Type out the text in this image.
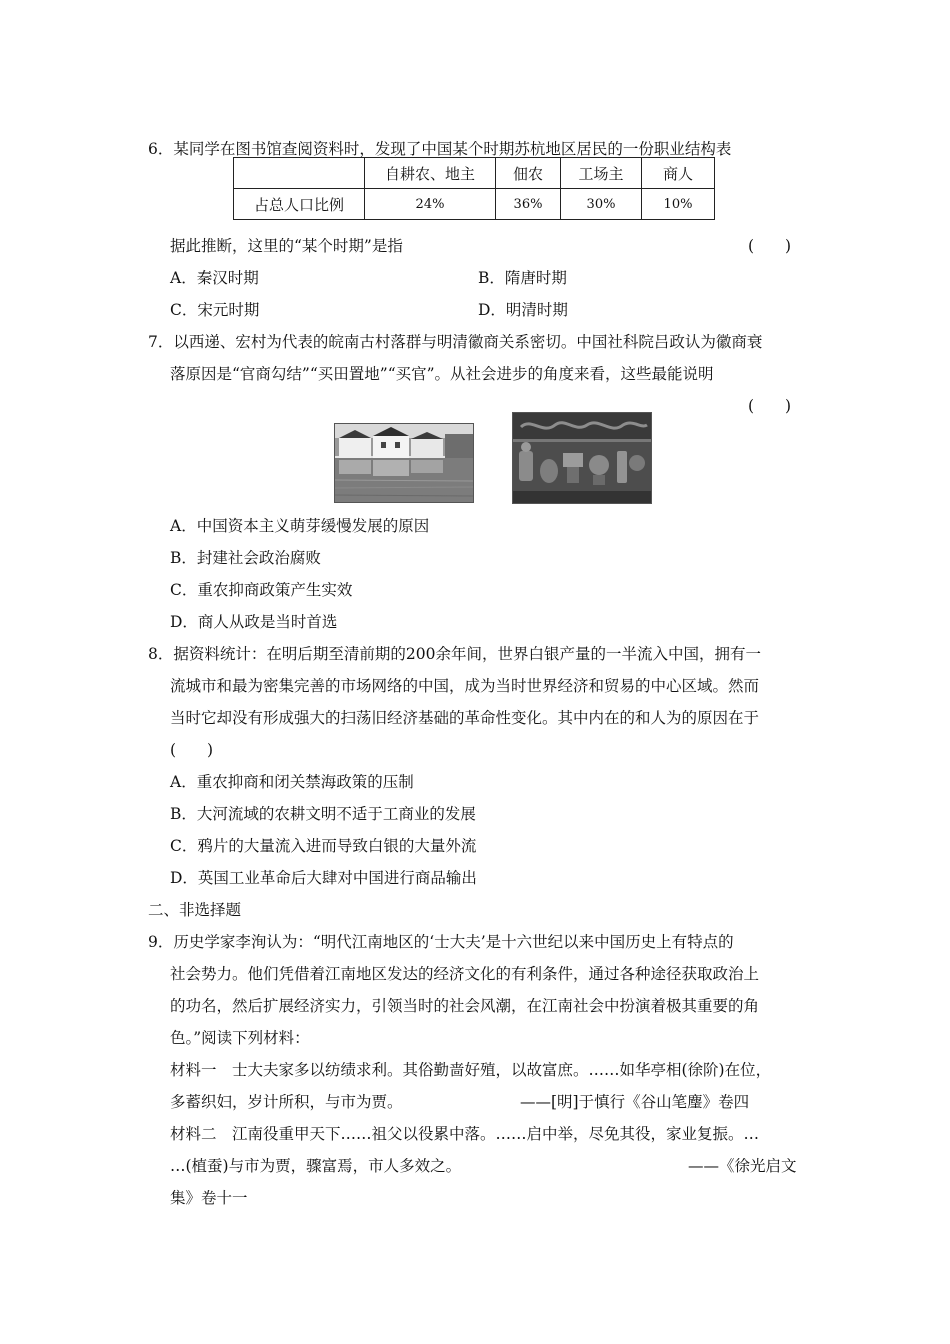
6．某同学在图书馆查阅资料时，发现了中国某个时期苏杭地区居民的一份职业结构表
	自耕农、地主	佃农	工场主	商人
占总人口比例	24%	36%	30%	10%
据此推断，这里的“某个时期”是指	(　　)
A．秦汉时期	B．隋唐时期
C．宋元时期	D．明清时期
7．以西递、宏村为代表的皖南古村落群与明清徽商关系密切。中国社科院吕政认为徽商衰
落原因是“官商勾结”“买田置地”“买官”。从社会进步的角度来看，这些最能说明
(　　)
A．中国资本主义萌芽缓慢发展的原因
B．封建社会政治腐败
C．重农抑商政策产生实效
D．商人从政是当时首选
8．据资料统计：在明后期至清前期的200余年间，世界白银产量的一半流入中国，拥有一
流城市和最为密集完善的市场网络的中国，成为当时世界经济和贸易的中心区域。然而
当时它却没有形成强大的扫荡旧经济基础的革命性变化。其中内在的和人为的原因在于
(　　)
A．重农抑商和闭关禁海政策的压制
B．大河流域的农耕文明不适于工商业的发展
C．鸦片的大量流入进而导致白银的大量外流
D．英国工业革命后大肆对中国进行商品输出
二、非选择题
9．历史学家李洵认为：“明代江南地区的‘士大夫’是十六世纪以来中国历史上有特点的
社会势力。他们凭借着江南地区发达的经济文化的有利条件，通过各种途径获取政治上
的功名，然后扩展经济实力，引领当时的社会风潮，在江南社会中扮演着极其重要的角
色。”阅读下列材料：
材料一　士大夫家多以纺绩求利。其俗勤啬好殖，以故富庶。……如华亭相(徐阶)在位，
多蓄织妇，岁计所积，与市为贾。	——[明]于慎行《谷山笔麈》卷四
材料二　江南役重甲天下……祖父以役累中落。……启中举，尽免其役，家业复振。…
…(植蚕)与市为贾，骤富焉，市人多效之。	——《徐光启文
集》卷十一
